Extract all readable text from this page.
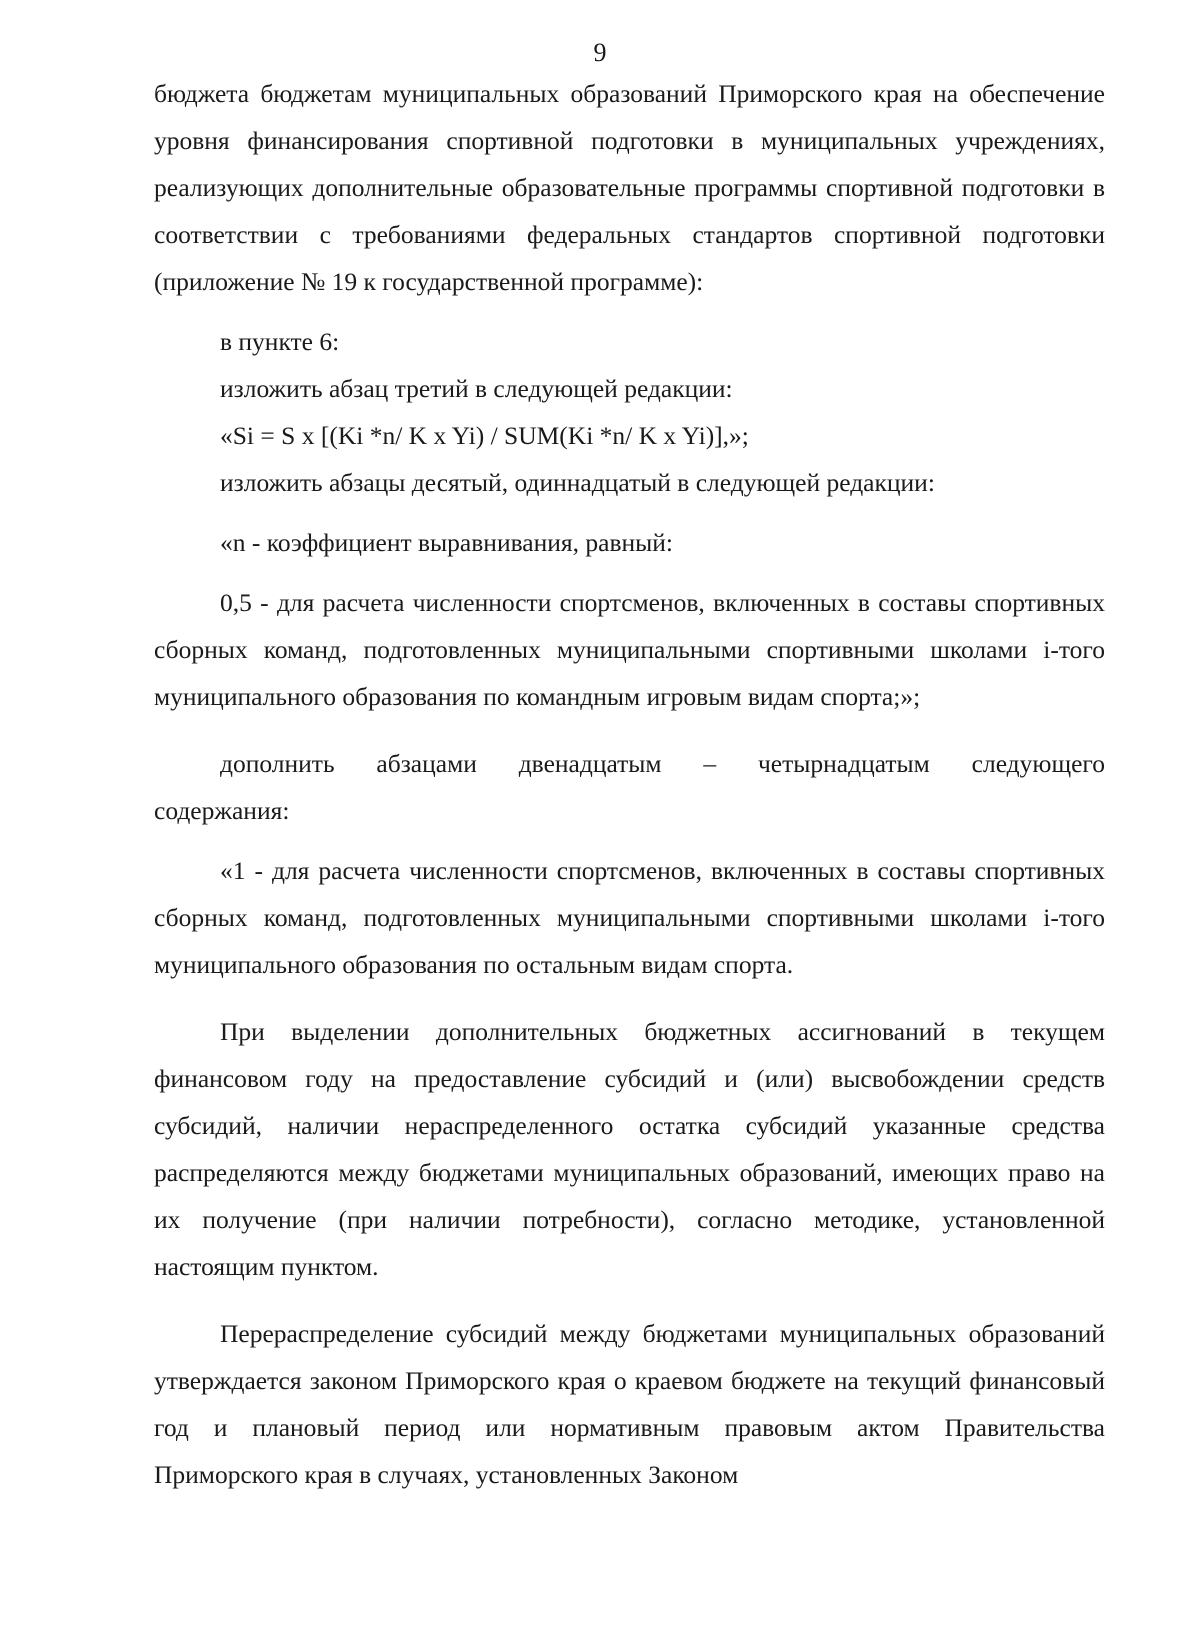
9

бюджета бюджетам муниципальных образований Приморского края на обеспечение уровня финансирования спортивной подготовки в муниципальных учреждениях, реализующих дополнительные образовательные программы спортивной подготовки в соответствии с требованиями федеральных стандартов спортивной подготовки (приложение № 19 к государственной программе):

в пункте 6:

изложить абзац третий в следующей редакции:

«Si = S x [(Ki *n/ K x Yi) / SUM(Ki *n/ K x Yi)],»;

изложить абзацы десятый, одиннадцатый в следующей редакции:

«n - коэффициент выравнивания, равный:

0,5 - для расчета численности спортсменов, включенных в составы спортивных сборных команд, подготовленных муниципальными спортивными школами i-того муниципального образования по командным игровым видам спорта;»;

дополнить абзацами двенадцатым – четырнадцатым следующего

содержания:

«1 - для расчета численности спортсменов, включенных в составы спортивных сборных команд, подготовленных муниципальными спортивными школами i-того муниципального образования по остальным видам спорта.

При выделении дополнительных бюджетных ассигнований в текущем финансовом году на предоставление субсидий и (или) высвобождении средств субсидий, наличии нераспределенного остатка субсидий указанные средства распределяются между бюджетами муниципальных образований, имеющих право на их получение (при наличии потребности), согласно методике, установленной настоящим пунктом.

Перераспределение субсидий между бюджетами муниципальных образований утверждается законом Приморского края о краевом бюджете на текущий финансовый год и плановый период или нормативным правовым актом Правительства Приморского края в случаях, установленных Законом
